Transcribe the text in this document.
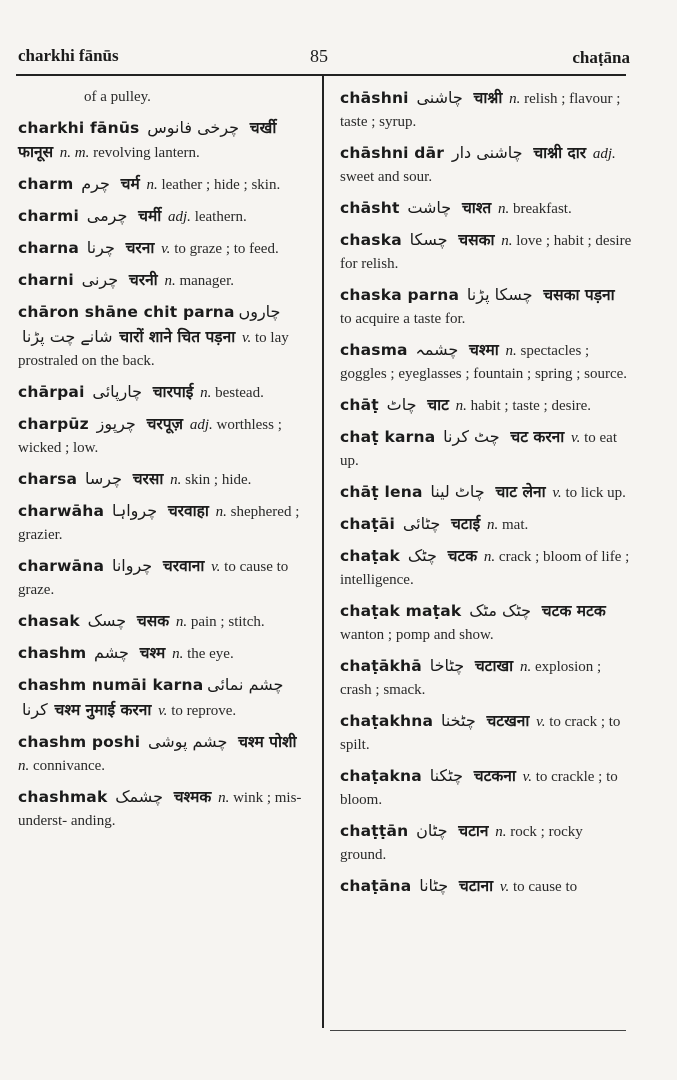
charkhi fānūs	85	chaṭāna
of a pulley.
charkhi fānūs چرخی فانوس चर्खी फानूस n. m. revolving lantern.
charm چرم चर्म n. leather ; hide ; skin.
charmi چرمی चर्मी adj. leathern.
charna چرنا चरना v. to graze ; to feed.
charni چرنی चरनी n. manager.
chāron shāne chit parna چاروں شانے چت پڑنا चारों शाने चित पड़ना v. to lay prostraled on the back.
chārpai چارپائی चारपाई n. bestead.
charpūz چرپوز चरपूज़ adj. worthless ; wicked ; low.
charsa چرسا चरसा n. skin ; hide.
charwāha چرواہا चरवाहा n. shephered ; grazier.
charwāna چروانا चरवाना v. to cause to graze.
chasak چسک चसक n. pain ; stitch.
chashm چشم चश्म n. the eye.
chashm numāi karna چشم نمائی کرنا चश्म नुमाई करना v. to reprove.
chashm poshi چشم پوشی चश्म पोशी n. connivance.
chashmak چشمک चश्मक n. wink ; mis-underst- anding.
chāshni چاشنی चाश्नी n. relish ; flavour ; taste ; syrup.
chāshni dār چاشنی دار चाश्नी दार adj. sweet and sour.
chāsht چاشت चाश्त n. breakfast.
chaska چسکا चसका n. love ; habit ; desire for relish.
chaska parna چسکا پڑنا चसका पड़ना to acquire a taste for.
chasma چشمہ चश्मा n. spectacles ; goggles ; eyeglasses ; fountain ; spring ; source.
chāṭ چاٹ चाट n. habit ; taste ; desire.
chaṭ karna چٹ کرنا चट करना v. to eat up.
chāṭ lena چاٹ لینا चाट लेना v. to lick up.
chaṭāi چٹائی चटाई n. mat.
chaṭak چٹک चटक n. crack ; bloom of life ; intelligence.
chaṭak maṭak چٹک مٹک चटक मटक wanton ; pomp and show.
chaṭākhā چٹاخا चटाखा n. explosion ; crash ; smack.
chaṭakhna چٹخنا चटखना v. to crack ; to spilt.
chaṭakna چٹکنا चटकना v. to crackle ; to bloom.
chaṭṭān چٹان चटान n. rock ; rocky ground.
chaṭāna چٹانا चटाना v. to cause to
